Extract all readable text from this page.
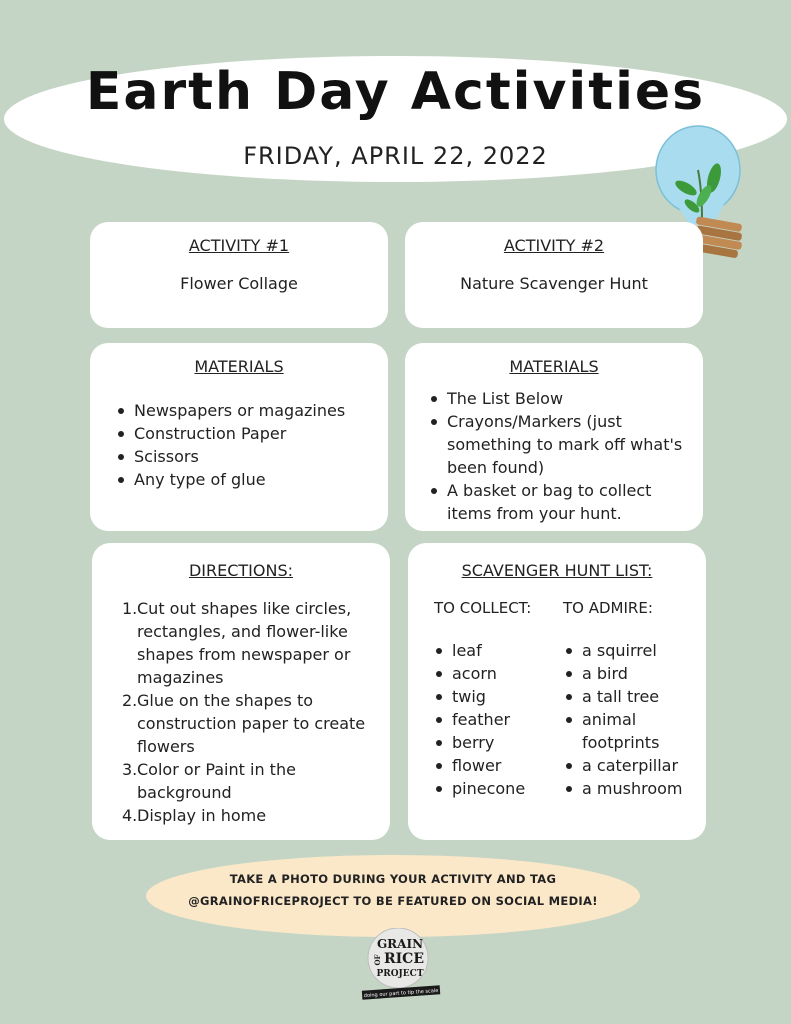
Earth Day Activities
FRIDAY, APRIL 22, 2022
ACTIVITY #1
Flower Collage
ACTIVITY #2
Nature Scavenger Hunt
MATERIALS
Newspapers or magazines
Construction Paper
Scissors
Any type of glue
MATERIALS
The List Below
Crayons/Markers (just something to mark off what's been found)
A basket or bag to collect items from your hunt.
DIRECTIONS:
1. Cut out shapes like circles, rectangles, and flower-like shapes from newspaper or magazines
2. Glue on the shapes to construction paper to create flowers
3. Color or Paint in the background
4. Display in home
SCAVENGER HUNT LIST:
TO COLLECT: TO ADMIRE:
leaf
acorn
twig
feather
berry
flower
pinecone
a squirrel
a bird
a tall tree
animal footprints
a caterpillar
a mushroom
TAKE A PHOTO DURING YOUR ACTIVITY AND TAG
@GRAINOFRICEPROJECT TO BE FEATURED ON SOCIAL MEDIA!
GRAIN
OF RICE
PROJECT
doing our part to tip the scale
